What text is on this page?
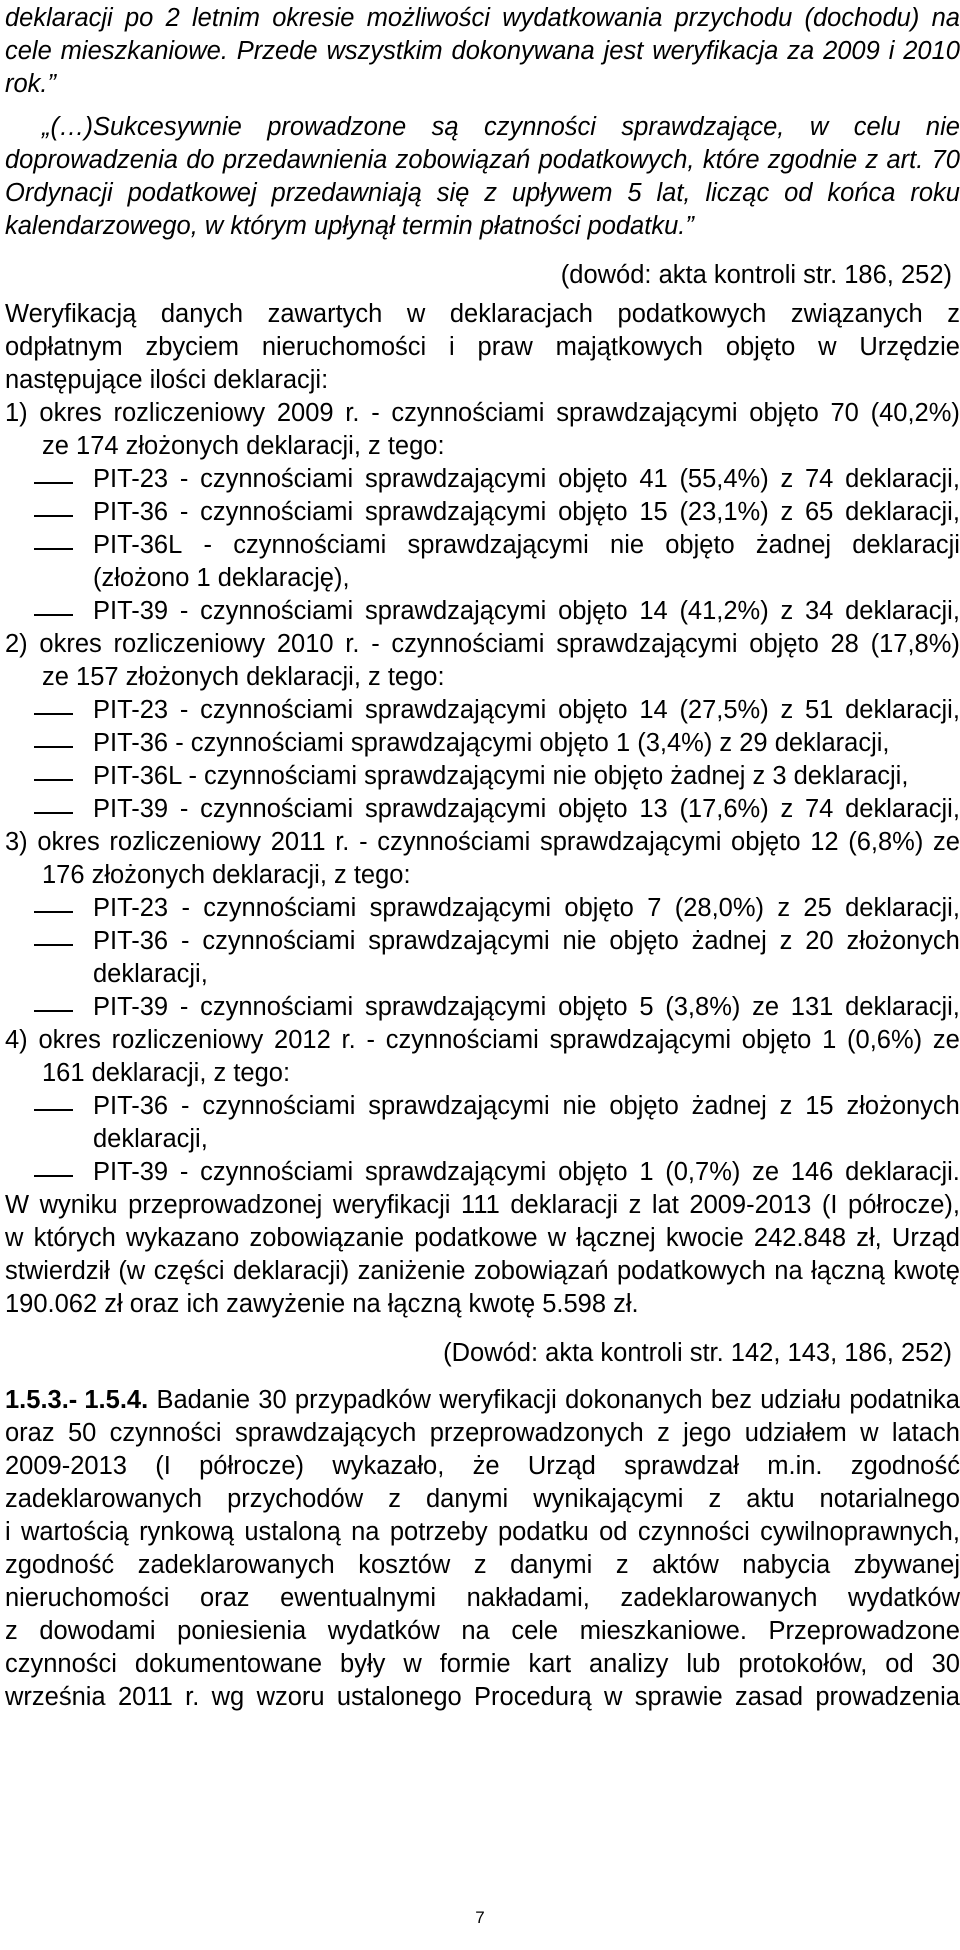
deklaracji po 2 letnim okresie możliwości wydatkowania przychodu (dochodu) na
cele mieszkaniowe. Przede wszystkim dokonywana jest weryfikacja za 2009 i 2010
rok.”
„(…)Sukcesywnie prowadzone są czynności sprawdzające, w celu nie
doprowadzenia do przedawnienia zobowiązań podatkowych, które zgodnie z art. 70
Ordynacji podatkowej przedawniają się z upływem 5 lat, licząc od końca roku
kalendarzowego, w którym upłynął termin płatności podatku.”
(dowód: akta kontroli str. 186, 252)
Weryfikacją danych zawartych w deklaracjach podatkowych związanych z
odpłatnym zbyciem nieruchomości i praw majątkowych objęto w Urzędzie
następujące ilości deklaracji:
1) okres rozliczeniowy 2009 r. - czynnościami sprawdzającymi objęto 70 (40,2%)
ze 174 złożonych deklaracji, z tego:
PIT-23 - czynnościami sprawdzającymi objęto 41 (55,4%) z 74 deklaracji,
PIT-36 - czynnościami sprawdzającymi objęto 15 (23,1%) z 65 deklaracji,
PIT-36L - czynnościami sprawdzającymi nie objęto żadnej deklaracji
(złożono 1 deklarację),
PIT-39 - czynnościami sprawdzającymi objęto 14 (41,2%) z 34 deklaracji,
2) okres rozliczeniowy 2010 r. - czynnościami sprawdzającymi objęto 28 (17,8%)
ze 157 złożonych deklaracji, z tego:
PIT-23 - czynnościami sprawdzającymi objęto 14 (27,5%) z 51 deklaracji,
PIT-36 - czynnościami sprawdzającymi objęto 1 (3,4%) z 29 deklaracji,
PIT-36L - czynnościami sprawdzającymi nie objęto żadnej z 3 deklaracji,
PIT-39 - czynnościami sprawdzającymi objęto 13 (17,6%) z 74 deklaracji,
3) okres rozliczeniowy 2011 r. - czynnościami sprawdzającymi objęto 12 (6,8%) ze
176 złożonych deklaracji, z tego:
PIT-23 - czynnościami sprawdzającymi objęto 7 (28,0%) z 25 deklaracji,
PIT-36 - czynnościami sprawdzającymi nie objęto żadnej z 20 złożonych
deklaracji,
PIT-39 - czynnościami sprawdzającymi objęto 5 (3,8%) ze 131 deklaracji,
4) okres rozliczeniowy 2012 r. - czynnościami sprawdzającymi objęto 1 (0,6%) ze
161 deklaracji, z tego:
PIT-36 - czynnościami sprawdzającymi nie objęto żadnej z 15 złożonych
deklaracji,
PIT-39 - czynnościami sprawdzającymi objęto 1 (0,7%) ze 146 deklaracji.
W wyniku przeprowadzonej weryfikacji 111 deklaracji z lat 2009-2013 (I półrocze),
w których wykazano zobowiązanie podatkowe w łącznej kwocie 242.848 zł, Urząd
stwierdził (w części deklaracji) zaniżenie zobowiązań podatkowych na łączną kwotę
190.062 zł oraz ich zawyżenie na łączną kwotę 5.598 zł.
(Dowód: akta kontroli str. 142, 143, 186, 252)
1.5.3.- 1.5.4. Badanie 30 przypadków weryfikacji dokonanych bez udziału podatnika
oraz 50 czynności sprawdzających przeprowadzonych z jego udziałem w latach
2009-2013 (I półrocze) wykazało, że Urząd sprawdzał m.in. zgodność
zadeklarowanych przychodów z danymi wynikającymi z aktu notarialnego
i wartością rynkową ustaloną na potrzeby podatku od czynności cywilnoprawnych,
zgodność zadeklarowanych kosztów z danymi z aktów nabycia zbywanej
nieruchomości oraz ewentualnymi nakładami, zadeklarowanych wydatków
z dowodami poniesienia wydatków na cele mieszkaniowe. Przeprowadzone
czynności dokumentowane były w formie kart analizy lub protokołów, od 30
września 2011 r. wg wzoru ustalonego Procedurą w sprawie zasad prowadzenia
7
